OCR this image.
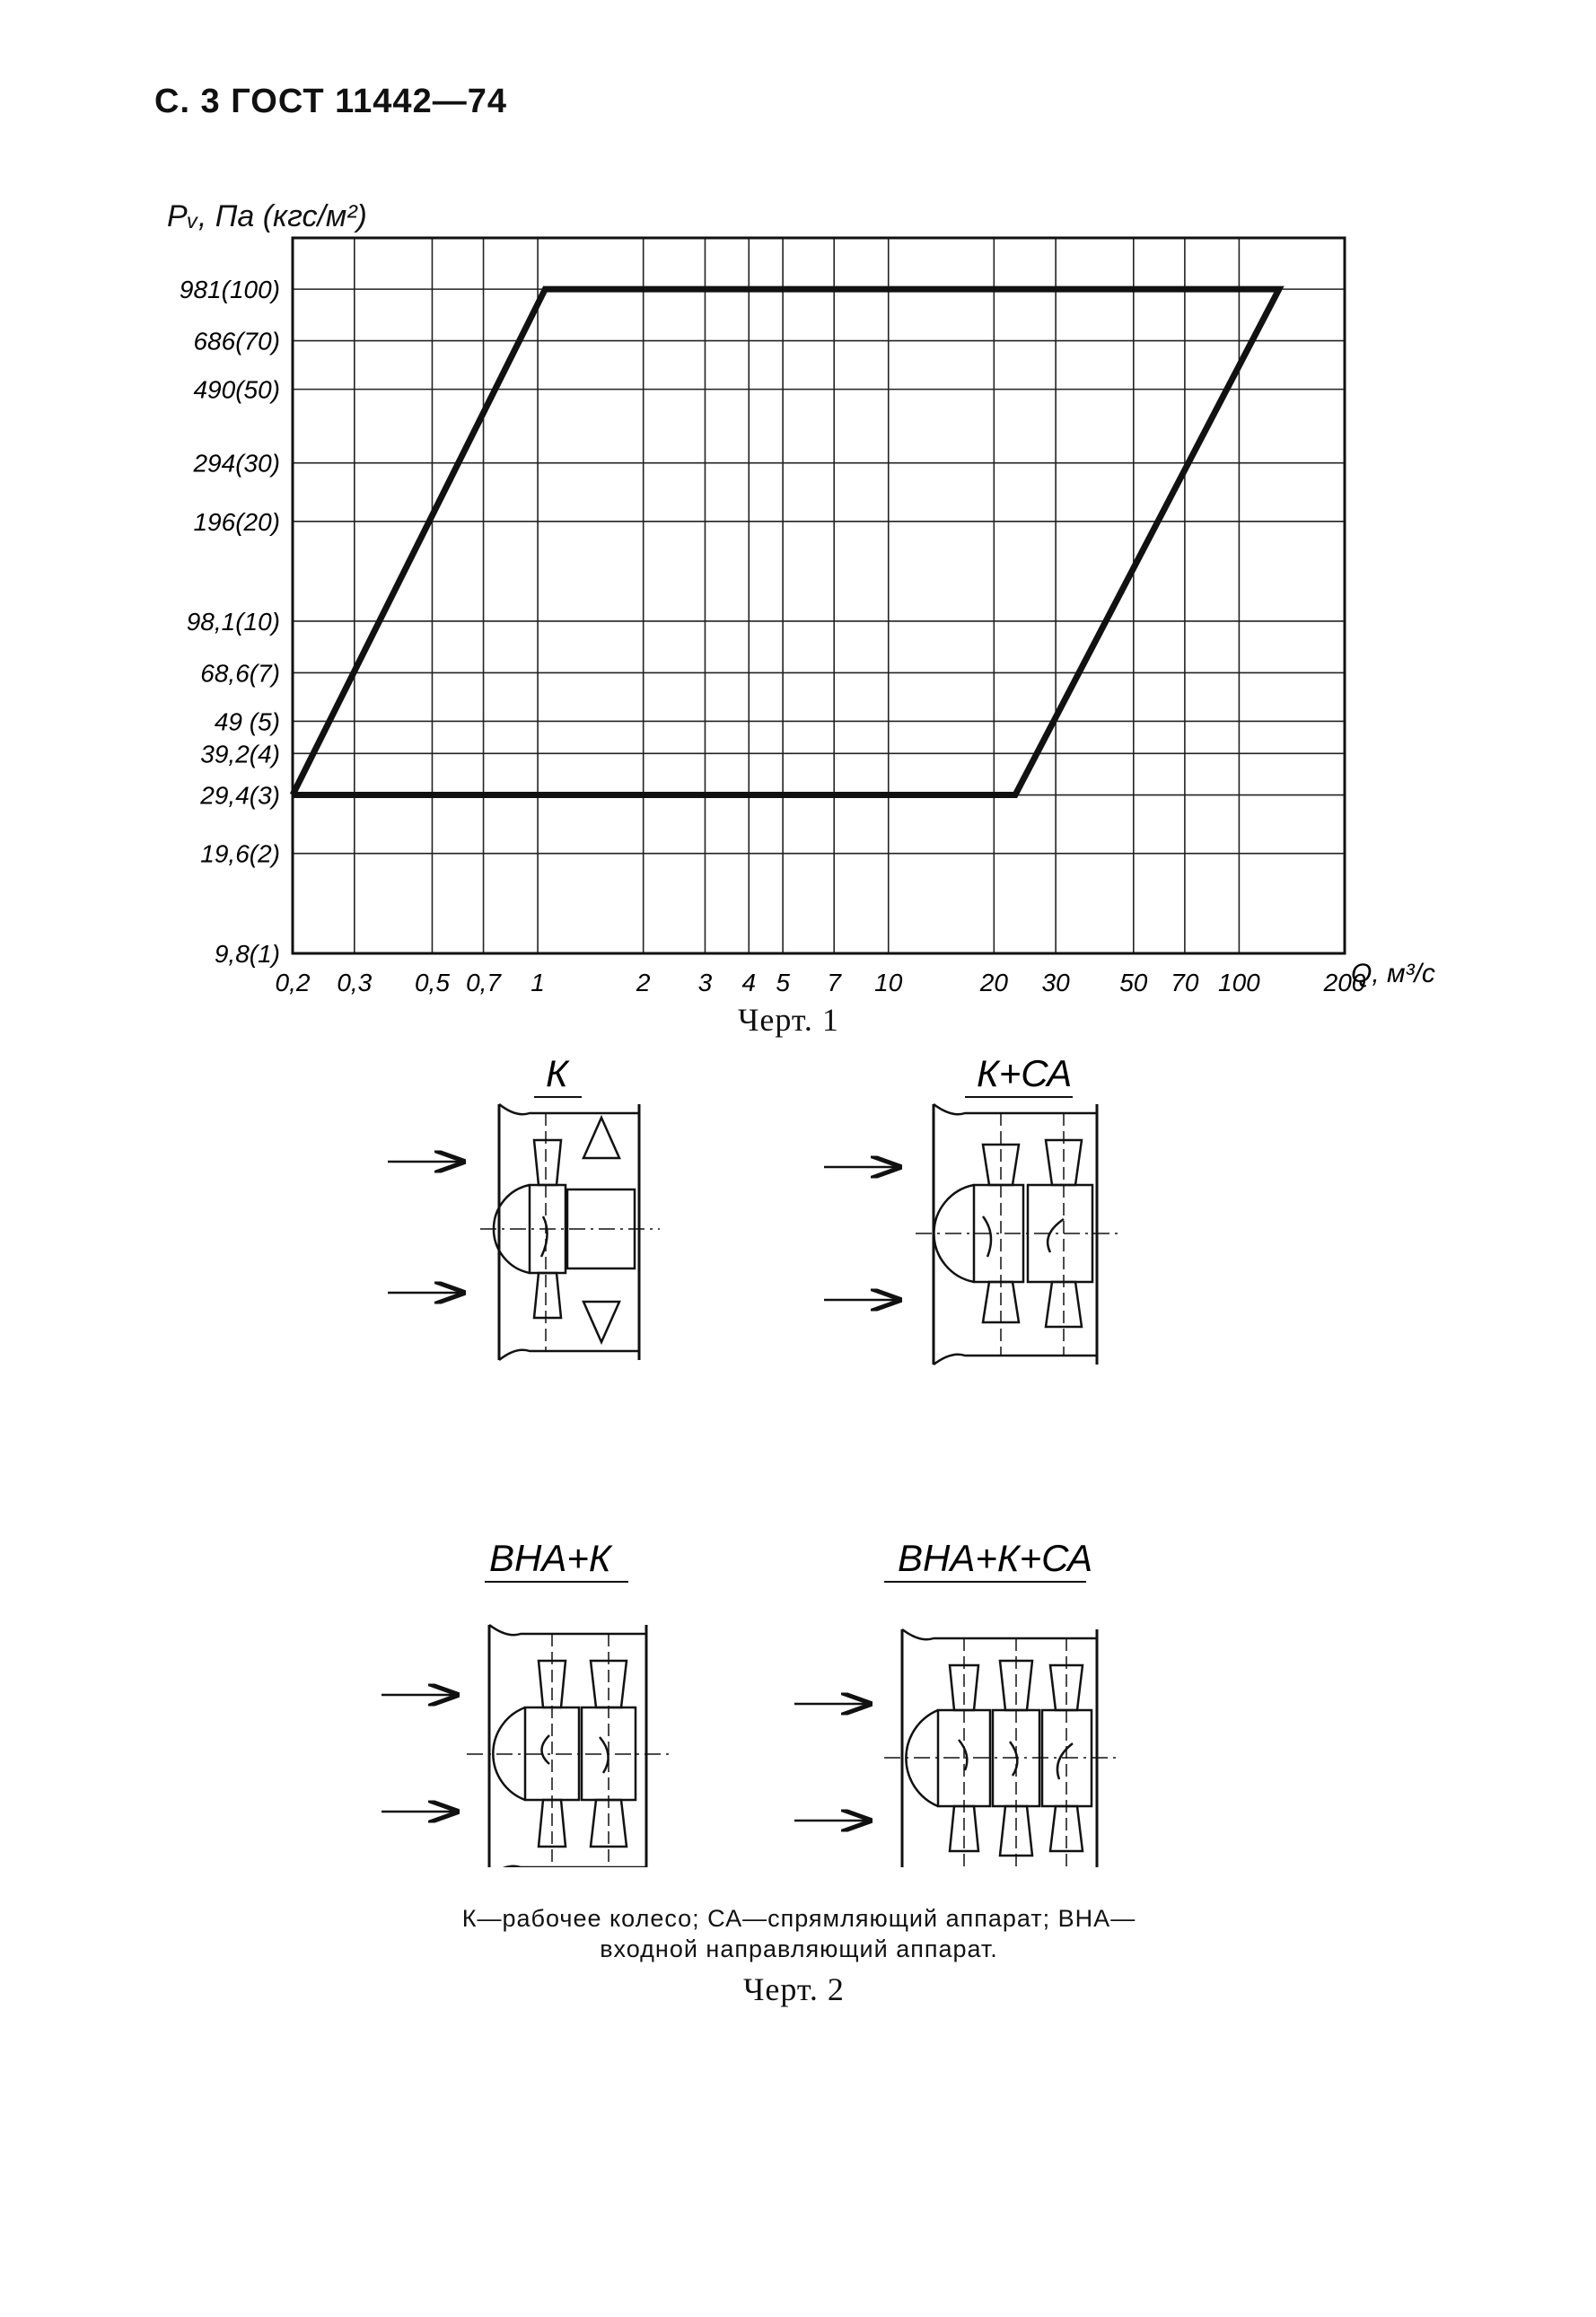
С. 3 ГОСТ 11442—74
Pᵥ, Па (кгс/м²)
9,8(1)
19,6(2)
29,4(3)
39,2(4)
49 (5)
68,6(7)
98,1(10)
196(20)
294(30)
490(50)
686(70)
981(100)
0,2 0,3 0,5 0,7 1	2 3 4 5 7 10	20 30 50 70 100	200
Q, м³/с
Черт. 1
К	К+СА
ВНА+К	ВНА+К+СА
К—рабочее колесо; СА—спрямляющий аппарат; ВНА—
входной направляющий аппарат.
Черт. 2
